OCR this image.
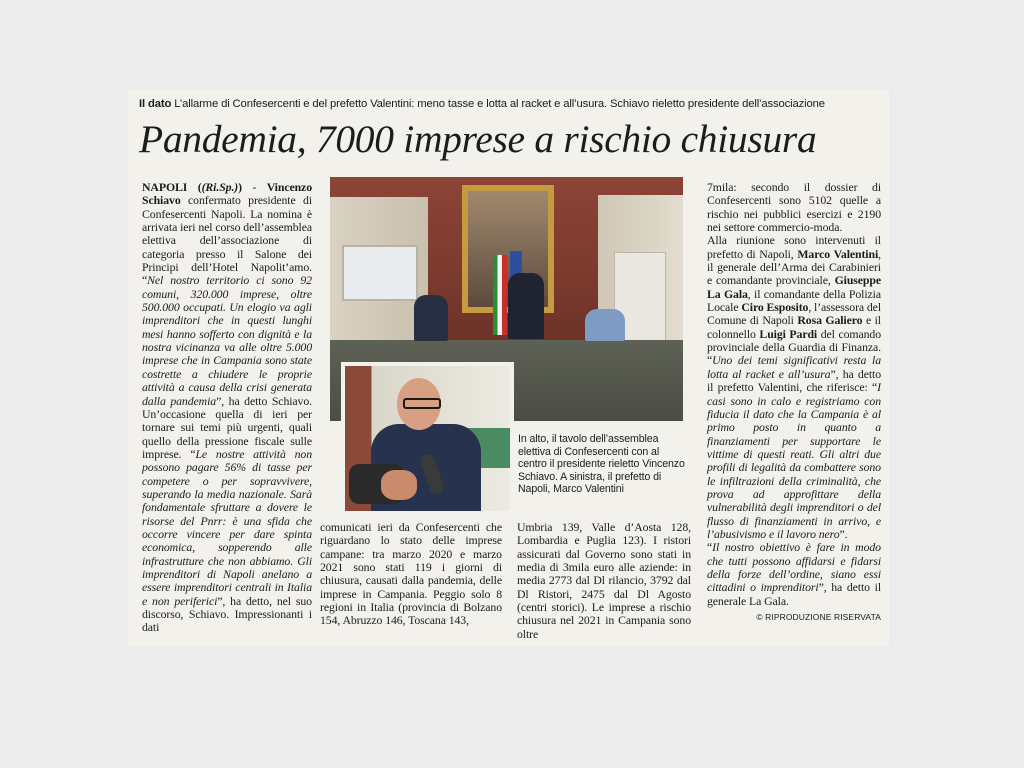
Il dato L’allarme di Confesercenti e del prefetto Valentini: meno tasse e lotta al racket e all’usura. Schiavo rieletto presidente dell’associazione
Pandemia, 7000 imprese a rischio chiusura

NAPOLI ((Ri.Sp.)) - Vincenzo Schiavo confermato presidente di Confesercenti Napoli. La nomina è arrivata ieri nel corso dell’assemblea elettiva dell’associazione di categoria presso il Salone dei Principi dell’Hotel Napolit’amo. “Nel nostro territorio ci sono 92 comuni, 320.000 imprese, oltre 500.000 occupati. Un elogio va agli imprenditori che in questi lunghi mesi hanno sofferto con dignità e la nostra vicinanza va alle oltre 5.000 imprese che in Campania sono state costrette a chiudere le proprie attività a causa della crisi generata dalla pandemia”, ha detto Schiavo. Un’occasione quella di ieri per tornare sui temi più urgenti, quali quello della pressione fiscale sulle imprese. “Le nostre attività non possono pagare 56% di tasse per competere o per sopravvivere, superando la media nazionale. Sarà fondamentale sfruttare a dovere le risorse del Pnrr: è una sfida che occorre vincere per dare spinta economica, sopperendo alle infrastrutture che non abbiamo. Gli imprenditori di Napoli anelano a essere imprenditori centrali in Italia e non periferici”, ha detto, nel suo discorso, Schiavo. Impressionanti i dati

In alto, il tavolo dell’assemblea elettiva di Confesercenti con al centro il presidente rieletto Vincenzo Schiavo. A sinistra, il prefetto di Napoli, Marco Valentini

comunicati ieri da Confesercenti che riguardano lo stato delle imprese campane: tra marzo 2020 e marzo 2021 sono stati 119 i giorni di chiusura, causati dalla pandemia, delle imprese in Campania. Peggio solo 8 regioni in Italia (provincia di Bolzano 154, Abruzzo 146, Toscana 143,

Umbria 139, Valle d’Aosta 128, Lombardia e Puglia 123). I ristori assicurati dal Governo sono stati in media di 3mila euro alle aziende: in media 2773 dal Dl rilancio, 3792 dal Dl Ristori, 2475 dal Dl Agosto (centri storici). Le imprese a rischio chiusura nel 2021 in Campania sono oltre

7mila: secondo il dossier di Confesercenti sono 5102 quelle a rischio nei pubblici esercizi e 2190 nei settore commercio-moda.

Alla riunione sono intervenuti il prefetto di Napoli, Marco Valentini, il generale dell’Arma dei Carabinieri e comandante provinciale, Giuseppe La Gala, il comandante della Polizia Locale Ciro Esposito, l’assessora del Comune di Napoli Rosa Galiero e il colonnello Luigi Pardi del comando provinciale della Guardia di Finanza. “Uno dei temi significativi resta la lotta al racket e all’usura”, ha detto il prefetto Valentini, che riferisce: “I casi sono in calo e registriamo con fiducia il dato che la Campania è al primo posto in quanto a finanziamenti per supportare le vittime di questi reati. Gli altri due profili di legalità da combattere sono le infiltrazioni della criminalità, che prova ad approfittare della vulnerabilità degli imprenditori o del flusso di finanziamenti in arrivo, e l’abusivismo e il lavoro nero”.

“Il nostro obiettivo è fare in modo che tutti possono affidarsi e fidarsi della forze dell’ordine, siano essi cittadini o imprenditori”, ha detto il generale La Gala.

© RIPRODUZIONE RISERVATA
